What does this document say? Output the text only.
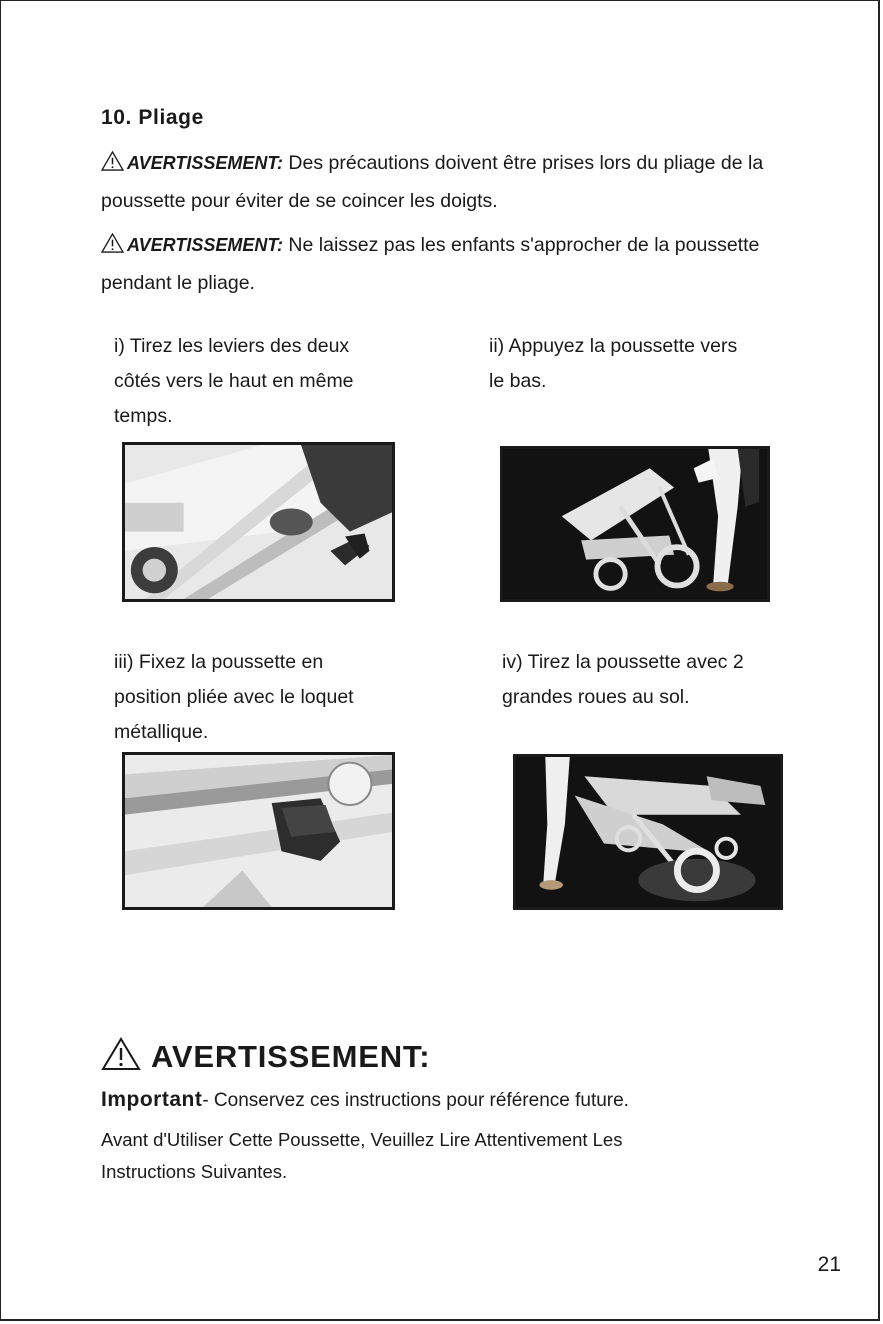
10. Pliage
AVERTISSEMENT: Des précautions doivent être prises lors du pliage de la poussette pour éviter de se coincer les doigts.
AVERTISSEMENT: Ne laissez pas les enfants s'approcher de la poussette pendant le pliage.
i) Tirez les leviers des deux
côtés vers le haut en même
temps.
ii) Appuyez la poussette vers
le bas.
iii) Fixez la poussette en
position pliée avec le loquet
métallique.
iv) Tirez la poussette avec 2
grandes roues au sol.
AVERTISSEMENT:
Important- Conservez ces instructions pour référence future.
Avant d'Utiliser Cette Poussette, Veuillez Lire Attentivement Les
Instructions Suivantes.
21
